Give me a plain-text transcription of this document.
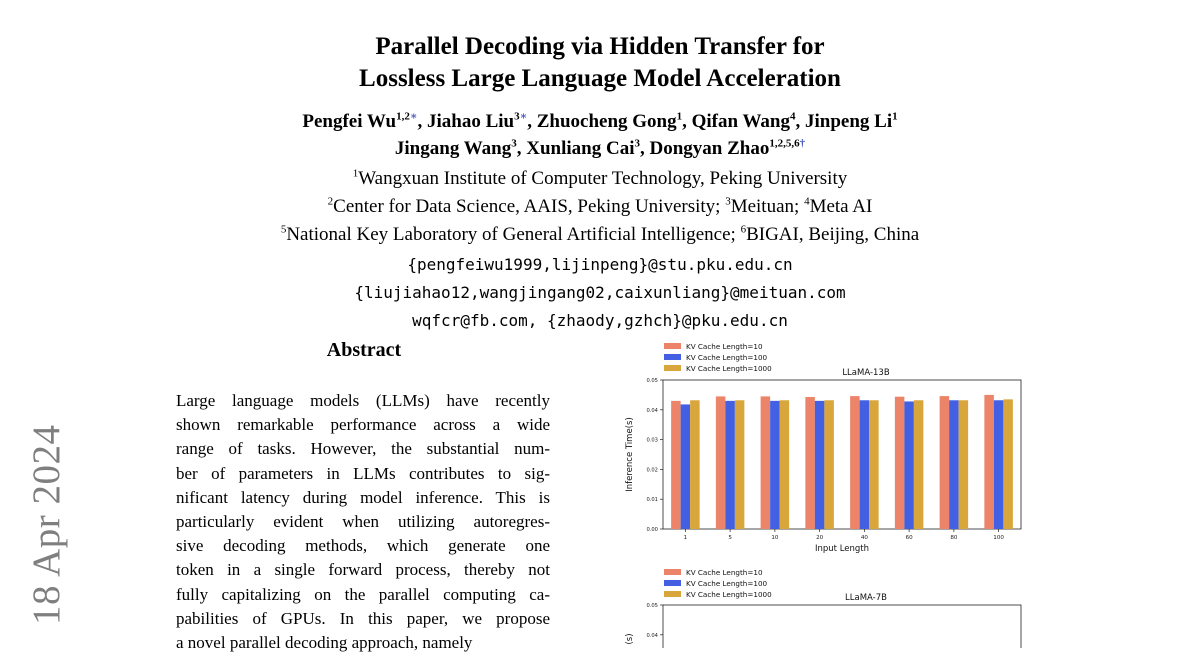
Parallel Decoding via Hidden Transfer for
Lossless Large Language Model Acceleration
Pengfei $Wu^{1,2∗}$, Jiahao Liu$^{3∗}$, Zhuocheng Gong$^1$, Qifan Wang$^4$, Jinpeng Li$^1$
Jingang Wang$^3$, Xunliang Cai$^3$, Dongyan Zhao$^{1,2,5,6\dagger}$
$^1$Wangxuan Institute of Computer Technology, Peking University
$^2$Center for Data Science, AAIS, Peking University; $^3$Meituan; $^4$Meta AI
$^5$National Key Laboratory of General Artificial Intelligence; $^6$BIGAI, Beijing, China
{pengfeiwu1999,lijinpeng}@stu.pku.edu.cn
{liujiahao12,wangjingang02,caixunliang}@meituan.com
wqfcr@fb.com, {zhaody,gzhch}@pku.edu.cn
18 Apr 2024
Abstract
Large language models (LLMs) have recently
shown remarkable performance across a wide
range of tasks. However, the substantial num-
ber of parameters in LLMs contributes to sig-
nificant latency during model inference. This is
particularly evident when utilizing autoregres-
sive decoding methods, which generate one
token in a single forward process, thereby not
fully capitalizing on the parallel computing ca-
pabilities of GPUs. In this paper, we propose
a novel parallel decoding approach, namely
KV Cache Length=10
KV Cache Length=100
KV Cache Length=1000	LLaMA-13B
0.00
0.01
0.02
0.03
0.04
0.05
1	5	10	20	40	60	80	100
Input Length
Inference Time(s)
KV Cache Length=10
KV Cache Length=100
KV Cache Length=1000	LLaMA-7B
0.05
0.04
(s)
